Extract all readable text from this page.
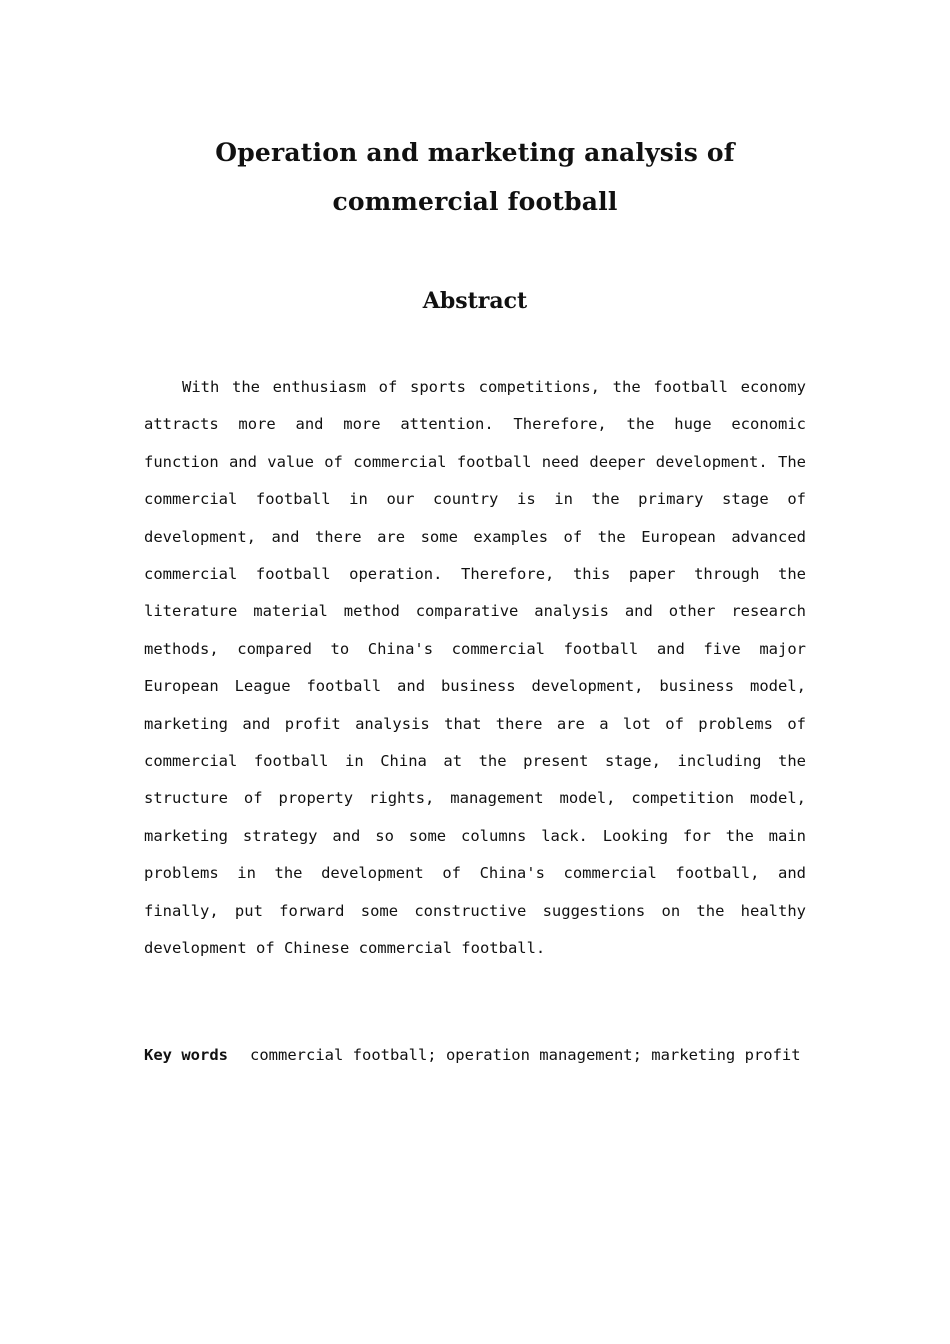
Operation and marketing analysis of commercial football
Abstract

With the enthusiasm of sports competitions, the football economy attracts more and more attention. Therefore, the huge economic function and value of commercial football need deeper development. The commercial football in our country is in the primary stage of development, and there are some examples of the European advanced commercial football operation. Therefore, this paper through the literature material method comparative analysis and other research methods, compared to China's commercial football and five major European League football and business development, business model, marketing and profit analysis that there are a lot of problems of commercial football in China at the present stage, including the structure of property rights, management model, competition model, marketing strategy and so some columns lack. Looking for the main problems in the development of China's commercial football, and finally, put forward some constructive suggestions on the healthy development of Chinese commercial football.

Key words commercial football; operation management; marketing profit
